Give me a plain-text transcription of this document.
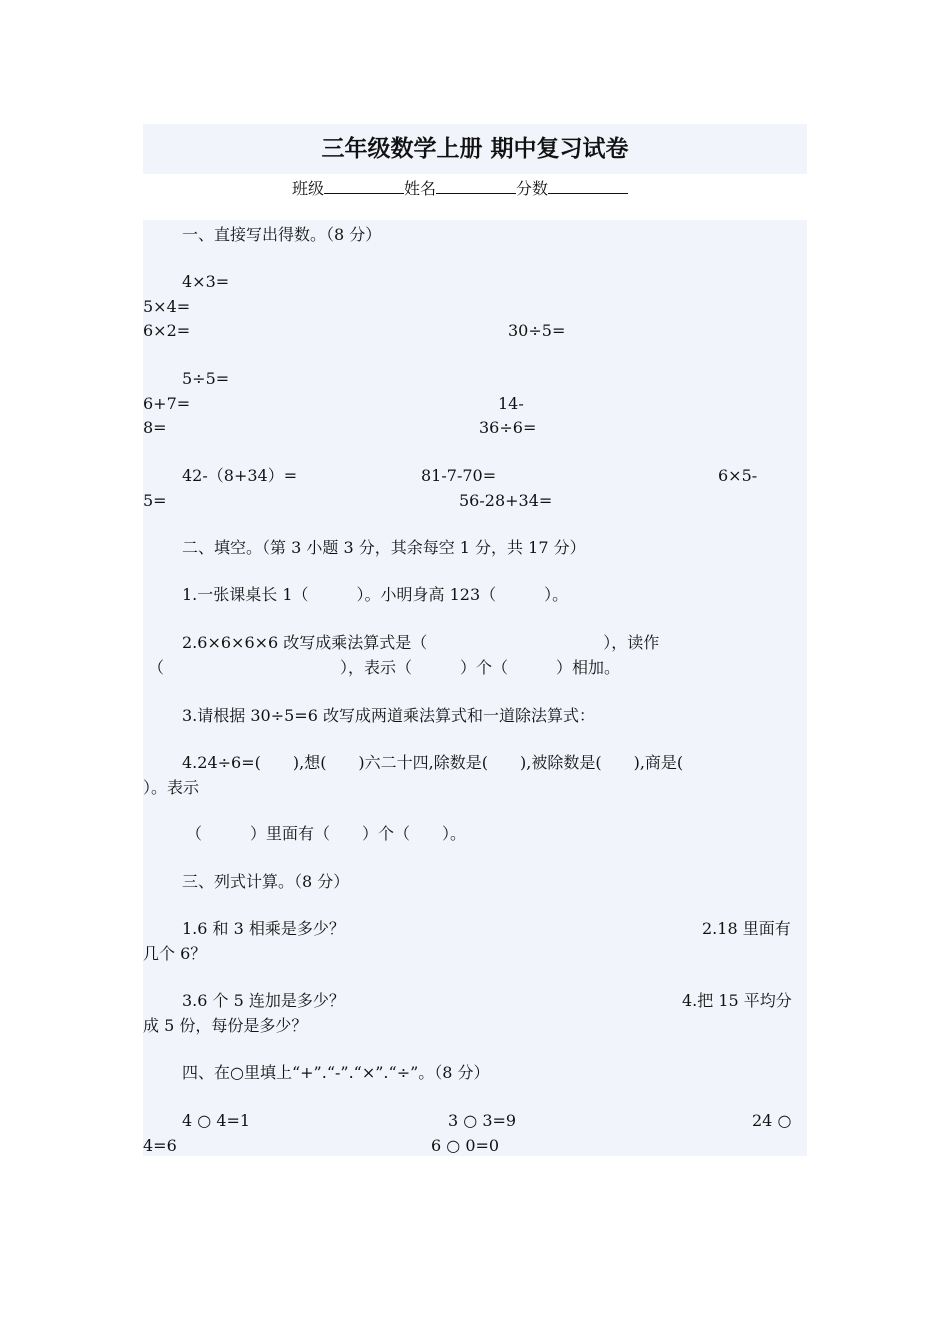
三年级数学上册 期中复习试卷
班级	姓名	分数
一、直接写出得数。（8 分）
4×3=
5×4=
6×2=	30÷5=
5÷5=
6+7=	14-
8=	36÷6=
42-（8+34）=	81-7-70=	6×5-
5=	56-28+34=
二、填空。（第 3 小题 3 分，其余每空 1 分，共 17 分）
1.一张课桌长 1（　　　）。小明身高 123（　　　）。
2.6×6×6×6 改写成乘法算式是（　　　　　　　　　　　），读作
（　　　　　　　　　　　），表示（　　　）个（　　　）相加。
3.请根据 30÷5=6 改写成两道乘法算式和一道除法算式：
4.24÷6=(　　),想(　　)六二十四,除数是(　　),被除数是(　　),商是(
）。表示
（　　　）里面有（　　）个（　　）。
三、列式计算。（8 分）
1.6 和 3 相乘是多少？	2.18 里面有
几个 6？
3.6 个 5 连加是多少？	4.把 15 平均分
成 5 份，每份是多少？
四、在○里填上“+”.“-”.“×”.“÷”。（8 分）
4 ○ 4=1	3 ○ 3=9	24 ○
4=6	6 ○ 0=0
